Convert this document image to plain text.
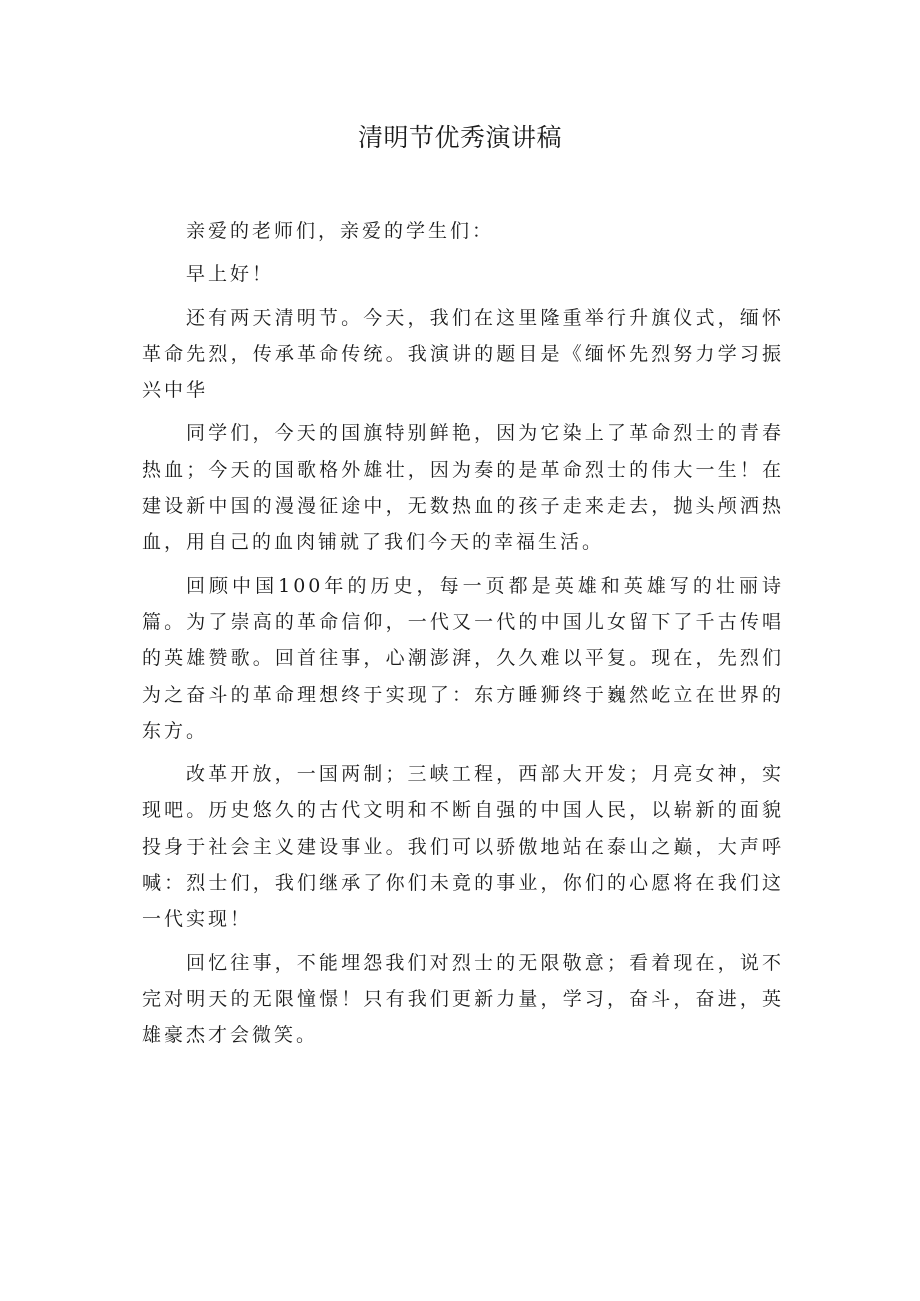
清明节优秀演讲稿

亲爱的老师们，亲爱的学生们：

早上好！

还有两天清明节。今天，我们在这里隆重举行升旗仪式，缅怀革命先烈，传承革命传统。我演讲的题目是《缅怀先烈努力学习振兴中华

同学们，今天的国旗特别鲜艳，因为它染上了革命烈士的青春热血；今天的国歌格外雄壮，因为奏的是革命烈士的伟大一生！在建设新中国的漫漫征途中，无数热血的孩子走来走去，抛头颅洒热血，用自己的血肉铺就了我们今天的幸福生活。

回顾中国100年的历史，每一页都是英雄和英雄写的壮丽诗篇。为了崇高的革命信仰，一代又一代的中国儿女留下了千古传唱的英雄赞歌。回首往事，心潮澎湃，久久难以平复。现在，先烈们为之奋斗的革命理想终于实现了：东方睡狮终于巍然屹立在世界的东方。

改革开放，一国两制；三峡工程，西部大开发；月亮女神，实现吧。历史悠久的古代文明和不断自强的中国人民，以崭新的面貌投身于社会主义建设事业。我们可以骄傲地站在泰山之巅，大声呼喊：烈士们，我们继承了你们未竟的事业，你们的心愿将在我们这一代实现！

回忆往事，不能埋怨我们对烈士的无限敬意；看着现在，说不完对明天的无限憧憬！只有我们更新力量，学习，奋斗，奋进，英雄豪杰才会微笑。
